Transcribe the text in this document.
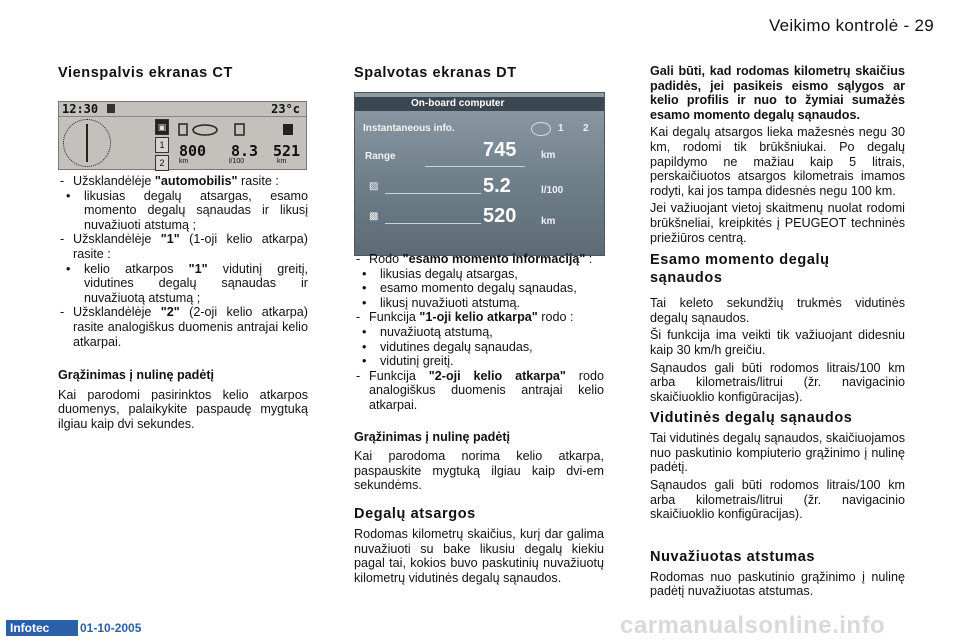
Veikimo kontrolė - 29
Vienspalvis ekranas CT
12:30	23°c
▣
1
2
800 8.3 521
km	l/100	km

- Užsklandėlėje "automobilis" rasite :

• likusias degalų atsargas, esamo momento degalų sąnaudas ir likusį nuvažiuoti atstumą ;

- Užsklandėlėje "1" (1-oji kelio atkarpa) rasite :

• kelio atkarpos "1" vidutinį greitį, vidutines degalų sąnaudas ir nuvažiuotą atstumą ;

- Užsklandėlėje "2" (2-oji kelio atkarpa) rasite analogiškus duomenis antrajai kelio atkarpai.

Grąžinimas į nulinę padėtį

Kai parodomi pasirinktos kelio atkarpos duomenys, palaikykite paspaudę mygtuką ilgiau kaip dvi sekundes.

Spalvotas ekranas DT
On-board computer
Instantaneous info.	1 2
Range	745 km
▨	5.2	l/100
▩	520 km

- Rodo "esamo momento informaciją" :

• likusias degalų atsargas,

• esamo momento degalų sąnaudas,

• likusį nuvažiuoti atstumą.

- Funkcija "1-oji kelio atkarpa" rodo :

• nuvažiuotą atstumą,

• vidutines degalų sąnaudas,

• vidutinį greitį.

- Funkcija "2-oji kelio atkarpa" rodo analogiškus duomenis antrajai kelio atkarpai.

Grąžinimas į nulinę padėtį

Kai parodoma norima kelio atkarpa, paspauskite mygtuką ilgiau kaip dvi-em sekundėms.

Degalų atsargos

Rodomas kilometrų skaičius, kurį dar galima nuvažiuoti su bake likusiu degalų kiekiu pagal tai, kokios buvo paskutinių nuvažiuotų kilometrų vidutinės degalų sąnaudos.

Gali būti, kad rodomas kilometrų skaičius padidės, jei pasikeis eismo sąlygos ar kelio profilis ir nuo to žymiai sumažės esamo momento degalų sąnaudos.

Kai degalų atsargos lieka mažesnės negu 30 km, rodomi tik brūkšniukai. Po degalų papildymo ne mažiau kaip 5 litrais, perskaičiuotos atsargos kilometrais imamos rodyti, kai jos tampa didesnės negu 100 km.

Jei važiuojant vietoj skaitmenų nuolat rodomi brūkšneliai, kreipkitės į PEUGEOT techninės priežiūros centrą.

Esamo momento degalų sąnaudos

Tai keleto sekundžių trukmės vidutinės degalų sąnaudos.

Ši funkcija ima veikti tik važiuojant didesniu kaip 30 km/h greičiu.

Sąnaudos gali būti rodomos litrais/100 km arba kilometrais/litrui (žr. navigacinio skaičiuoklio konfigūracijas).

Vidutinės degalų sąnaudos

Tai vidutinės degalų sąnaudos, skaičiuojamos nuo paskutinio kompiuterio grąžinimo į nulinę padėtį.

Sąnaudos gali būti rodomos litrais/100 km arba kilometrais/litrui (žr. navigacinio skaičiuoklio konfigūracijas).

Nuvažiuotas atstumas

Rodomas nuo paskutinio grąžinimo į nulinę padėtį nuvažiuotas atstumas.

Infotec	01-10-2005	carmanualsonline.info
